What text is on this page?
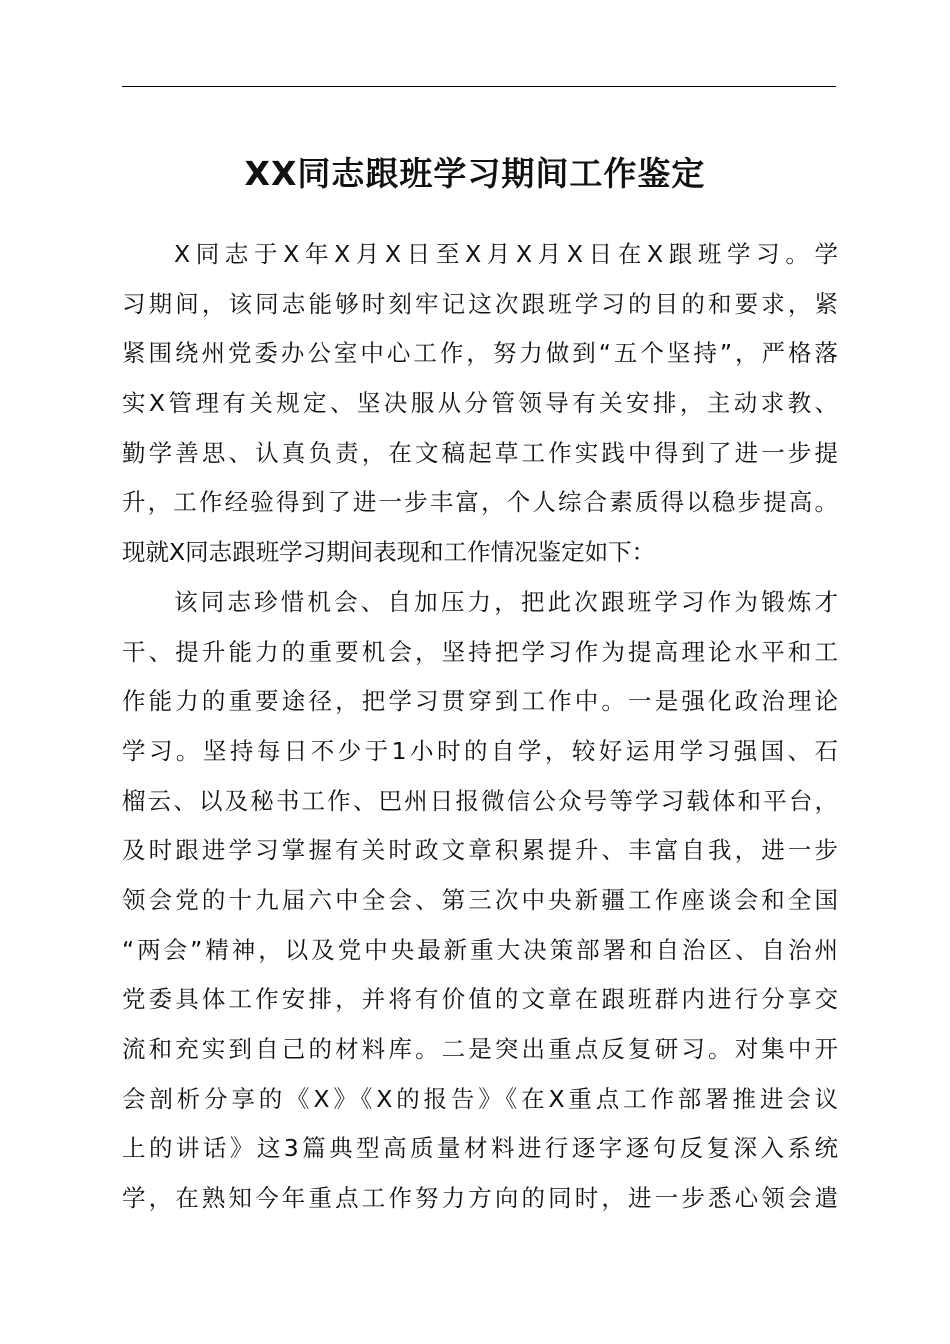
XX同志跟班学习期间工作鉴定
X同志于X年X月X日至X月X月X日在X跟班学习。学
习期间，该同志能够时刻牢记这次跟班学习的目的和要求，紧
紧围绕州党委办公室中心工作，努力做到“五个坚持”，严格落
实X管理有关规定、坚决服从分管领导有关安排，主动求教、
勤学善思、认真负责，在文稿起草工作实践中得到了进一步提
升，工作经验得到了进一步丰富，个人综合素质得以稳步提高。
现就X同志跟班学习期间表现和工作情况鉴定如下：
该同志珍惜机会、自加压力，把此次跟班学习作为锻炼才
干、提升能力的重要机会，坚持把学习作为提高理论水平和工
作能力的重要途径，把学习贯穿到工作中。一是强化政治理论
学习。坚持每日不少于1小时的自学，较好运用学习强国、石
榴云、以及秘书工作、巴州日报微信公众号等学习载体和平台，
及时跟进学习掌握有关时政文章积累提升、丰富自我，进一步
领会党的十九届六中全会、第三次中央新疆工作座谈会和全国
“两会”精神，以及党中央最新重大决策部署和自治区、自治州
党委具体工作安排，并将有价值的文章在跟班群内进行分享交
流和充实到自己的材料库。二是突出重点反复研习。对集中开
会剖析分享的《X》《X的报告》《在X重点工作部署推进会议
上的讲话》这3篇典型高质量材料进行逐字逐句反复深入系统
学，在熟知今年重点工作努力方向的同时，进一步悉心领会遣
